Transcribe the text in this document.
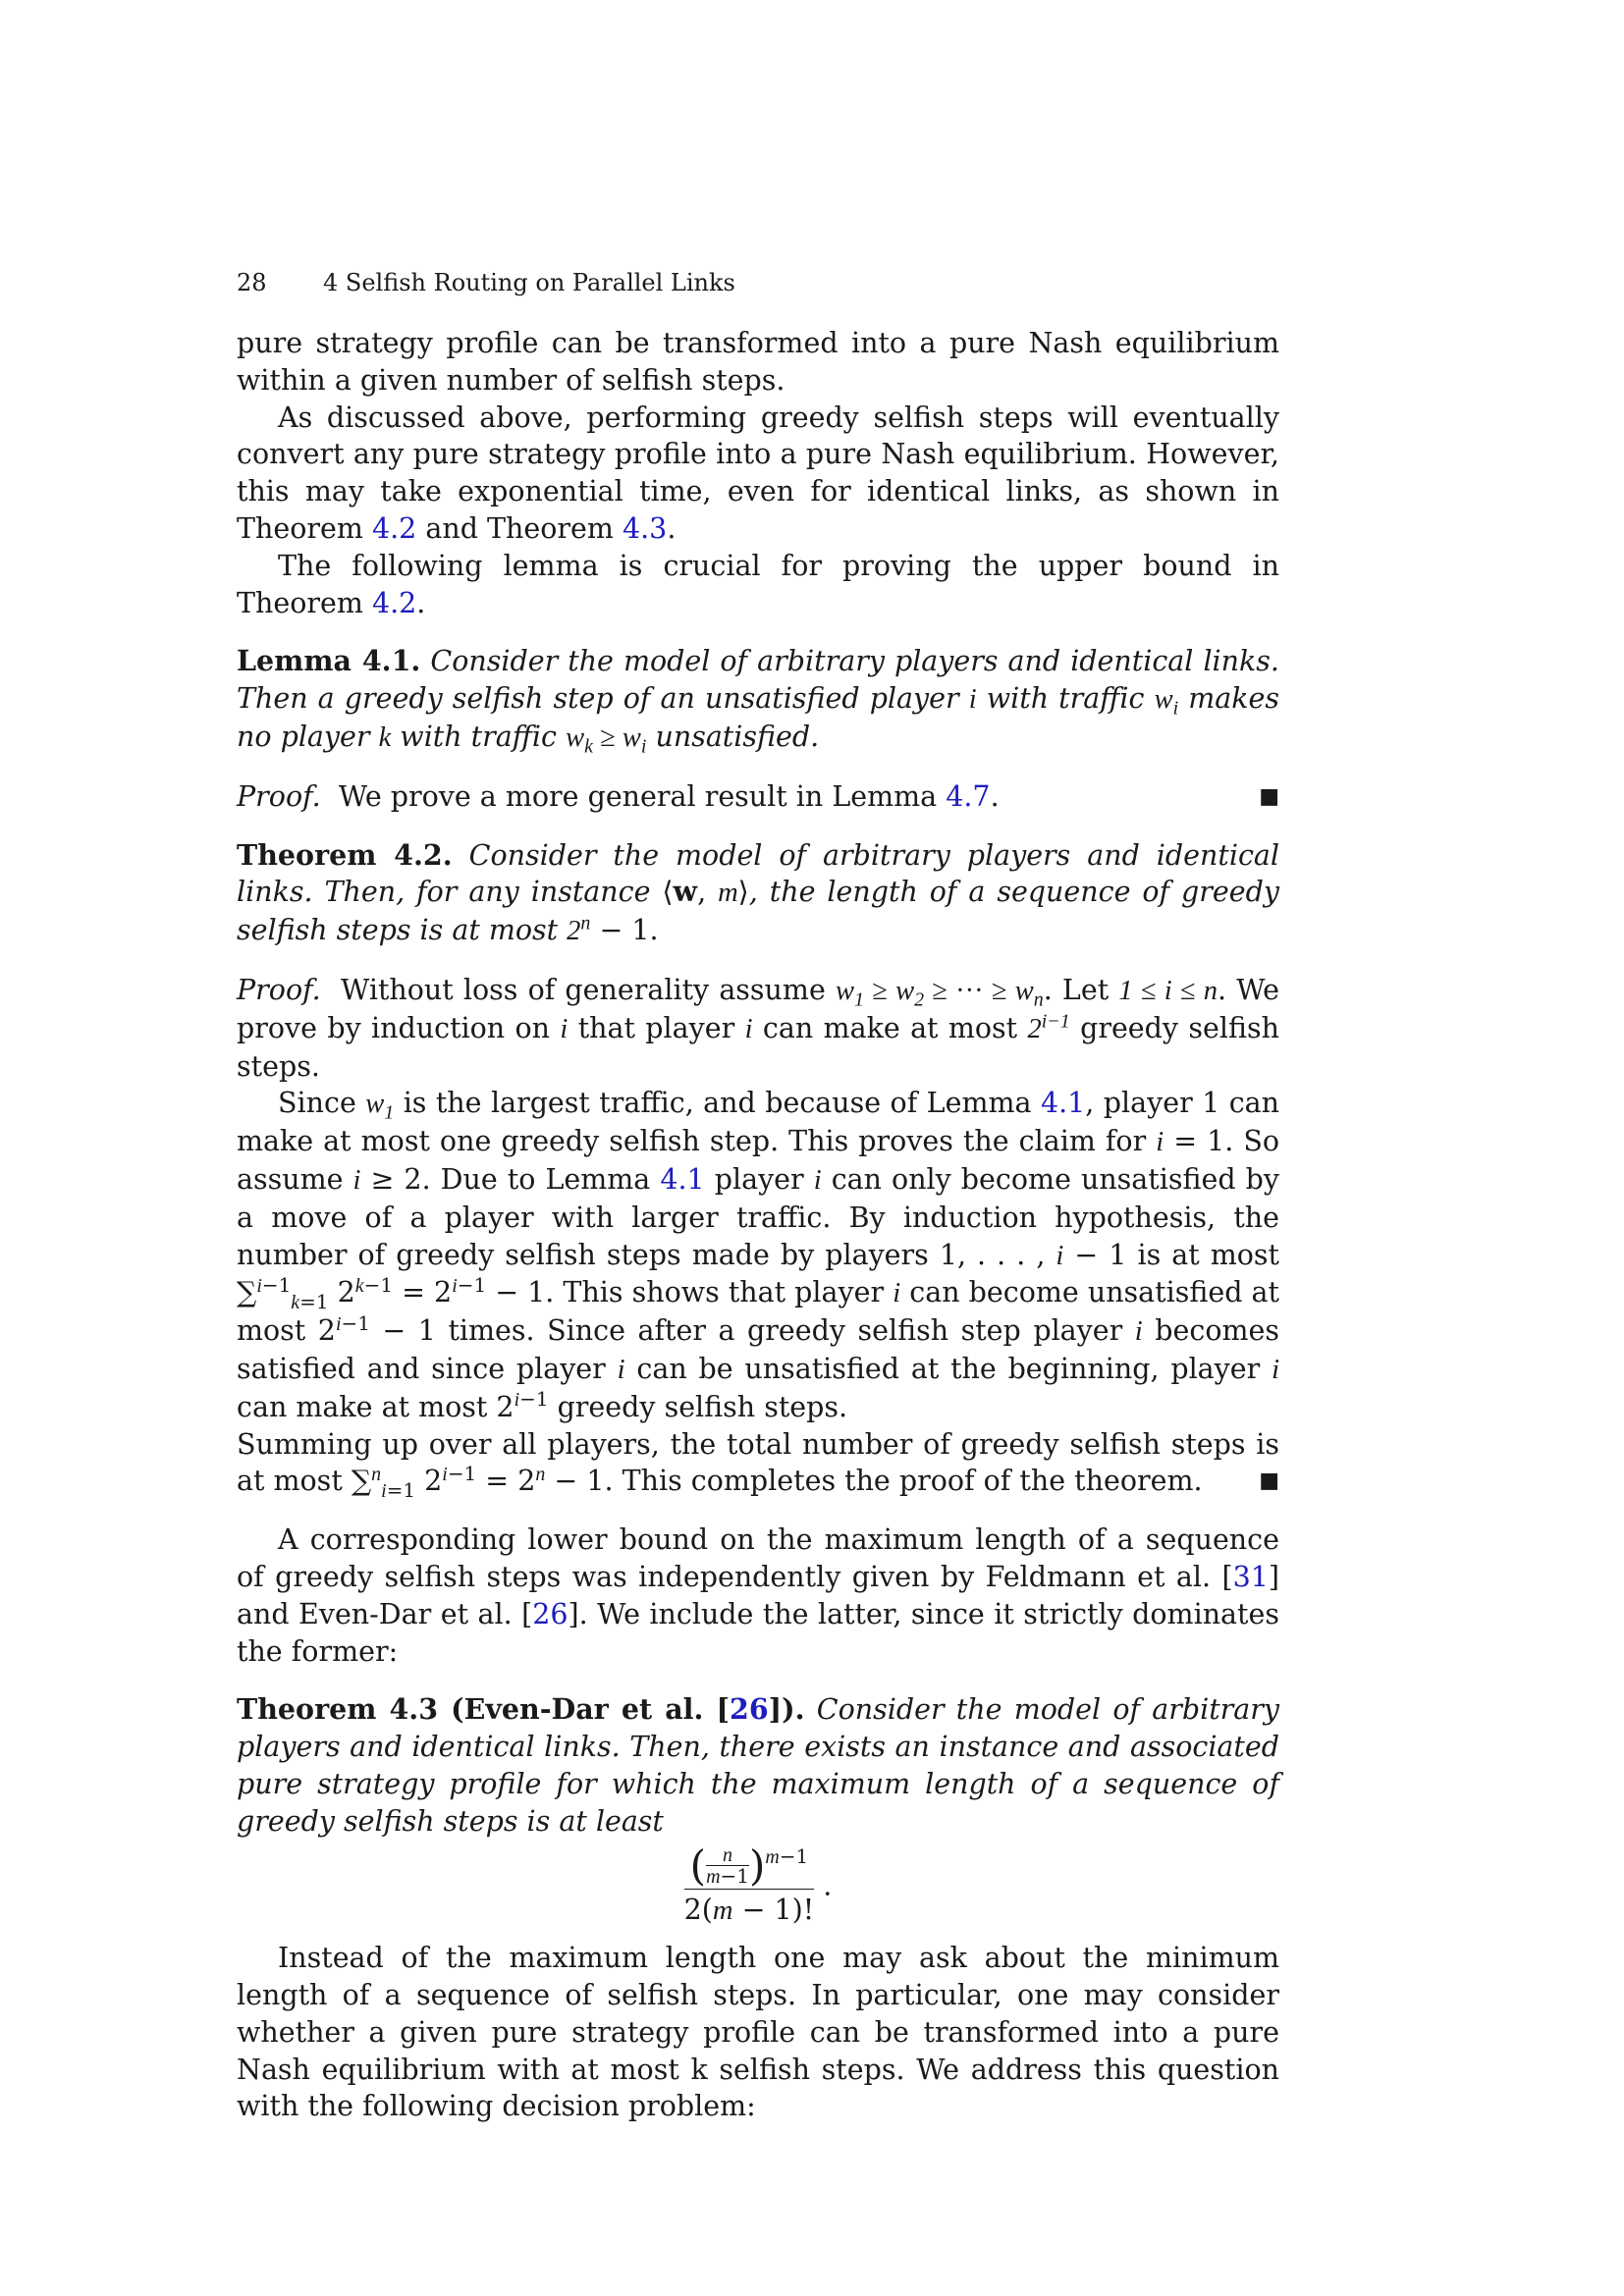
28 4 Selfish Routing on Parallel Links

pure strategy profile can be transformed into a pure Nash equilibrium within a given number of selfish steps.

As discussed above, performing greedy selfish steps will eventually convert any pure strategy profile into a pure Nash equilibrium. However, this may take exponential time, even for identical links, as shown in Theorem 4.2 and Theorem 4.3.

The following lemma is crucial for proving the upper bound in Theorem 4.2.

Lemma 4.1. Consider the model of arbitrary players and identical links. Then a greedy selfish step of an unsatisfied player i with traffic $w_i$ makes no player k with traffic $w_k \ge w_i$ unsatisfied.

Proof. We prove a more general result in Lemma 4.7.	■

Theorem 4.2. Consider the model of arbitrary players and identical links. Then, for any instance ⟨w, m⟩, the length of a sequence of greedy selfish steps is at most $2^n - 1$.

Proof. Without loss of generality assume $w_1 \ge w_2$ ≥ ··· ≥ $w_n$. Let 1 ≤ i ≤ n. We prove by induction on i that player i can make at most $2^{i-1}$ greedy selfish steps.

Since $w_1$ is the largest traffic, and because of Lemma 4.1, player 1 can make at most one greedy selfish step. This proves the claim for i = 1. So assume i ≥ 2. Due to Lemma 4.1 player i can only become unsatisfied by a move of a player with larger traffic. By induction hypothesis, the number of greedy selfish steps made by players 1, . . . , i − 1 is at most ∑$^{i-1}_{k=1}$ $2^{k-1} = 2^{i-1} - 1$. This shows that player i can become unsatisfied at most $2^{i-1} - 1$ times. Since after a greedy selfish step player i becomes satisfied and since player i can be unsatisfied at the beginning, player i can make at most $2^{i-1}$ greedy selfish steps.

Summing up over all players, the total number of greedy selfish steps is at most ∑$^n_{i=1}$ $2^{i-1} = 2^n - 1$. This completes the proof of the theorem.	■

A corresponding lower bound on the maximum length of a sequence of greedy selfish steps was independently given by Feldmann et al. [31] and Even-Dar et al. [26]. We include the latter, since it strictly dominates the former:

Theorem 4.3 (Even-Dar et al. [26]). Consider the model of arbitrary players and identical links. Then, there exists an instance and associated pure strategy profile for which the maximum length of a sequence of greedy selfish steps is at least

( n
m−1)$^{m-1}$
2(m − 1)! .

Instead of the maximum length one may ask about the minimum length of a sequence of selfish steps. In particular, one may consider whether a given pure strategy profile can be transformed into a pure Nash equilibrium with at most k selfish steps. We address this question with the following decision problem:
